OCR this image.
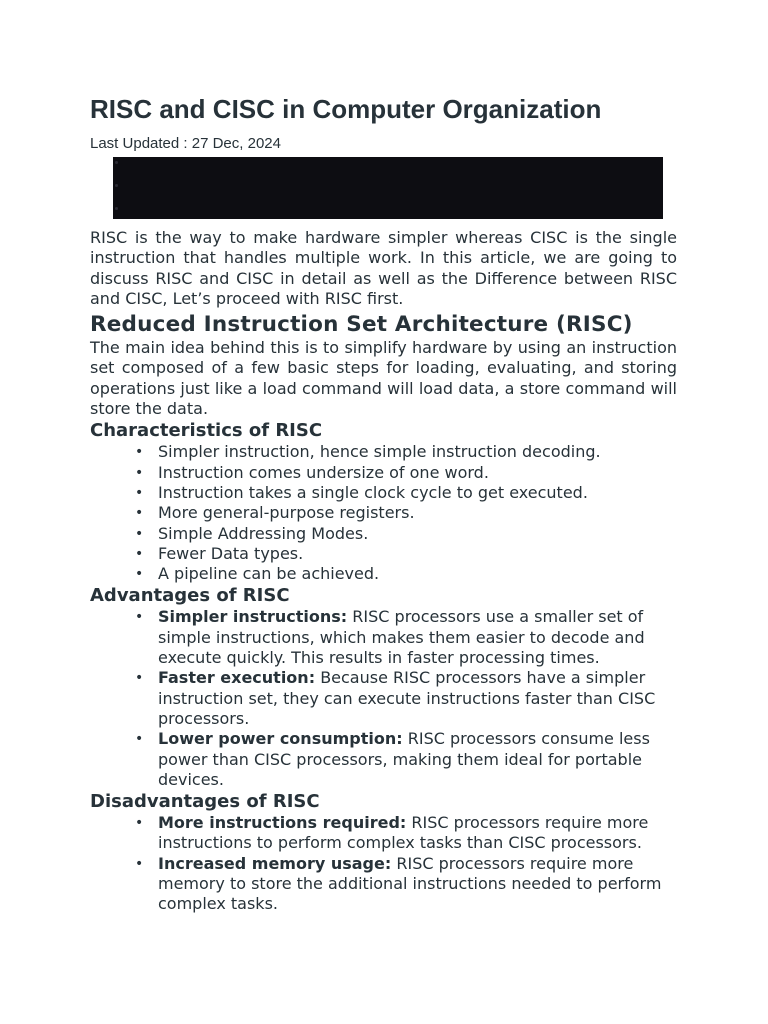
RISC and CISC in Computer Organization
Last Updated : 27 Dec, 2024

RISC is the way to make hardware simpler whereas CISC is the single instruction that handles multiple work. In this article, we are going to discuss RISC and CISC in detail as well as the Difference between RISC and CISC, Let’s proceed with RISC first.

Reduced Instruction Set Architecture (RISC)

The main idea behind this is to simplify hardware by using an instruction set composed of a few basic steps for loading, evaluating, and storing operations just like a load command will load data, a store command will store the data.

Characteristics of RISC
• Simpler instruction, hence simple instruction decoding.
• Instruction comes undersize of one word.
• Instruction takes a single clock cycle to get executed.
• More general-purpose registers.
• Simple Addressing Modes.
• Fewer Data types.
• A pipeline can be achieved.
Advantages of RISC
• Simpler instructions: RISC processors use a smaller set of simple instructions, which makes them easier to decode and execute quickly. This results in faster processing times.
• Faster execution: Because RISC processors have a simpler instruction set, they can execute instructions faster than CISC processors.
• Lower power consumption: RISC processors consume less power than CISC processors, making them ideal for portable devices.
Disadvantages of RISC
• More instructions required: RISC processors require more instructions to perform complex tasks than CISC processors.
• Increased memory usage: RISC processors require more memory to store the additional instructions needed to perform complex tasks.
